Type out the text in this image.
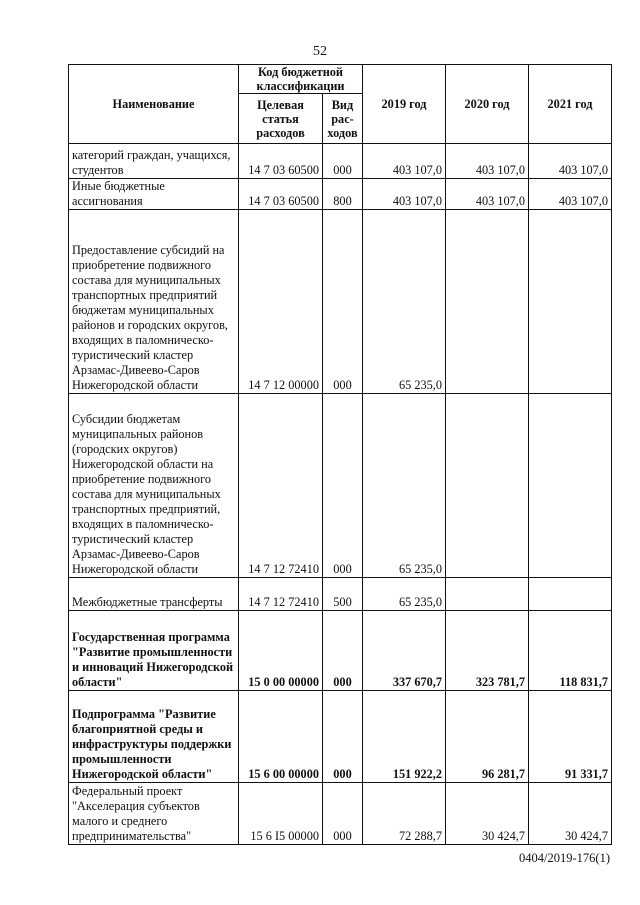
52
Наименование	Код бюджетной классификации		2019 год	2020 год	2021 год
	Целевая статья расходов	Вид рас-ходов			
категорий граждан, учащихся, студентов	14 7 03 60500	000	403 107,0	403 107,0	403 107,0
Иные бюджетные ассигнования	14 7 03 60500	800	403 107,0	403 107,0	403 107,0
Предоставление субсидий на приобретение подвижного состава для муниципальных транспортных предприятий бюджетам муниципальных районов и городских округов, входящих в паломническо-туристический кластер Арзамас-Дивеево-Саров Нижегородской области	14 7 12 00000	000	65 235,0		
Субсидии бюджетам муниципальных районов (городских округов) Нижегородской области на приобретение подвижного состава для муниципальных транспортных предприятий, входящих в паломническо-туристический кластер Арзамас-Дивеево-Саров Нижегородской области	14 7 12 72410	000	65 235,0		
Межбюджетные трансферты	14 7 12 72410	500	65 235,0		
Государственная программа "Развитие промышленности и инноваций Нижегородской области"	15 0 00 00000	000	337 670,7	323 781,7	118 831,7
Подпрограмма "Развитие благоприятной среды и инфраструктуры поддержки промышленности Нижегородской области"	15 6 00 00000	000	151 922,2	96 281,7	91 331,7
Федеральный проект "Акселерация субъектов малого и среднего предпринимательства"	15 6 I5 00000	000	72 288,7	30 424,7	30 424,7
0404/2019-176(1)
